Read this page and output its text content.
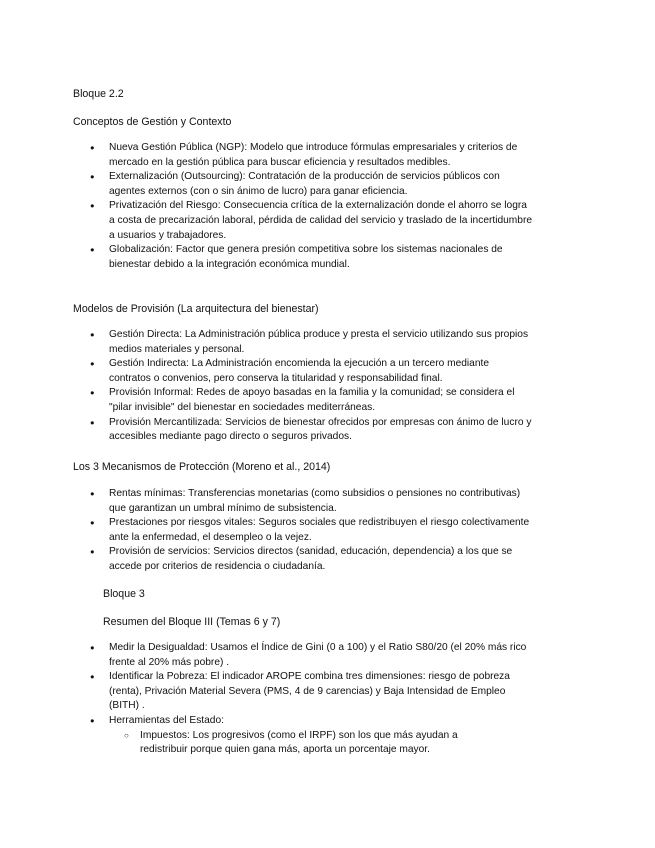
Bloque 2.2

Conceptos de Gestión y Contexto

● Nueva Gestión Pública (NGP): Modelo que introduce fórmulas empresariales y criterios de mercado en la gestión pública para buscar eficiencia y resultados medibles.
● Externalización (Outsourcing): Contratación de la producción de servicios públicos con agentes externos (con o sin ánimo de lucro) para ganar eficiencia.
● Privatización del Riesgo: Consecuencia crítica de la externalización donde el ahorro se logra a costa de precarización laboral, pérdida de calidad del servicio y traslado de la incertidumbre a usuarios y trabajadores.
● Globalización: Factor que genera presión competitiva sobre los sistemas nacionales de bienestar debido a la integración económica mundial.

Modelos de Provisión (La arquitectura del bienestar)

● Gestión Directa: La Administración pública produce y presta el servicio utilizando sus propios medios materiales y personal.
● Gestión Indirecta: La Administración encomienda la ejecución a un tercero mediante contratos o convenios, pero conserva la titularidad y responsabilidad final.
● Provisión Informal: Redes de apoyo basadas en la familia y la comunidad; se considera el "pilar invisible" del bienestar en sociedades mediterráneas.
● Provisión Mercantilizada: Servicios de bienestar ofrecidos por empresas con ánimo de lucro y accesibles mediante pago directo o seguros privados.

Los 3 Mecanismos de Protección (Moreno et al., 2014)

● Rentas mínimas: Transferencias monetarias (como subsidios o pensiones no contributivas) que garantizan un umbral mínimo de subsistencia.
● Prestaciones por riesgos vitales: Seguros sociales que redistribuyen el riesgo colectivamente ante la enfermedad, el desempleo o la vejez.
● Provisión de servicios: Servicios directos (sanidad, educación, dependencia) a los que se accede por criterios de residencia o ciudadanía.

Bloque 3

Resumen del Bloque III (Temas 6 y 7)

● Medir la Desigualdad: Usamos el Índice de Gini (0 a 100) y el Ratio S80/20 (el 20% más rico frente al 20% más pobre) .
● Identificar la Pobreza: El indicador AROPE combina tres dimensiones: riesgo de pobreza (renta), Privación Material Severa (PMS, 4 de 9 carencias) y Baja Intensidad de Empleo (BITH) .
● Herramientas del Estado:
○ Impuestos: Los progresivos (como el IRPF) son los que más ayudan a redistribuir porque quien gana más, aporta un porcentaje mayor.
